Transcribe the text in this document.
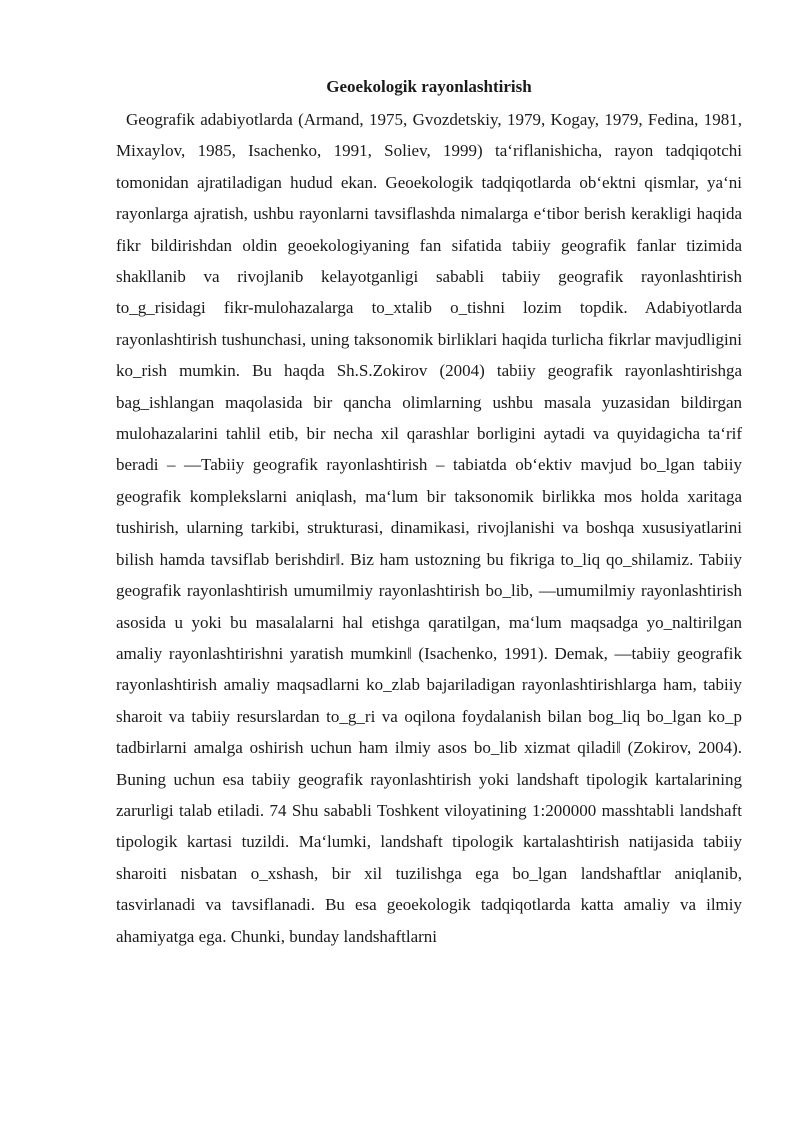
Geoekologik rayonlashtirish

Geografik adabiyotlarda (Armand, 1975, Gvozdetskiy, 1979, Kogay, 1979, Fedina, 1981, Mixaylov, 1985, Isachenko, 1991, Soliev, 1999) ta‘riflanishicha, rayon tadqiqotchi tomonidan ajratiladigan hudud ekan. Geoekologik tadqiqotlarda ob‘ektni qismlar, ya‘ni rayonlarga ajratish, ushbu rayonlarni tavsiflashda nimalarga e‘tibor berish kerakligi haqida fikr bildirishdan oldin geoekologiyaning fan sifatida tabiiy geografik fanlar tizimida shakllanib va rivojlanib kelayotganligi sababli tabiiy geografik rayonlashtirish to_g_risidagi fikr-mulohazalarga to_xtalib o_tishni lozim topdik. Adabiyotlarda rayonlashtirish tushunchasi, uning taksonomik birliklari haqida turlicha fikrlar mavjudligini ko_rish mumkin. Bu haqda Sh.S.Zokirov (2004) tabiiy geografik rayonlashtirishga bag_ishlangan maqolasida bir qancha olimlarning ushbu masala yuzasidan bildirgan mulohazalarini tahlil etib, bir necha xil qarashlar borligini aytadi va quyidagicha ta‘rif beradi – ―Tabiiy geografik rayonlashtirish – tabiatda ob‘ektiv mavjud bo_lgan tabiiy geografik komplekslarni aniqlash, ma‘lum bir taksonomik birlikka mos holda xaritaga tushirish, ularning tarkibi, strukturasi, dinamikasi, rivojlanishi va boshqa xususiyatlarini bilish hamda tavsiflab berishdir‖. Biz ham ustozning bu fikriga to_liq qo_shilamiz. Tabiiy geografik rayonlashtirish umumilmiy rayonlashtirish bo_lib, ―umumilmiy rayonlashtirish asosida u yoki bu masalalarni hal etishga qaratilgan, ma‘lum maqsadga yo_naltirilgan amaliy rayonlashtirishni yaratish mumkin‖ (Isachenko, 1991). Demak, ―tabiiy geografik rayonlashtirish amaliy maqsadlarni ko_zlab bajariladigan rayonlashtirishlarga ham, tabiiy sharoit va tabiiy resurslardan to_g_ri va oqilona foydalanish bilan bog_liq bo_lgan ko_p tadbirlarni amalga oshirish uchun ham ilmiy asos bo_lib xizmat qiladi‖ (Zokirov, 2004). Buning uchun esa tabiiy geografik rayonlashtirish yoki landshaft tipologik kartalarining zarurligi talab etiladi. 74 Shu sababli Toshkent viloyatining 1:200000 masshtabli landshaft tipologik kartasi tuzildi. Ma‘lumki, landshaft tipologik kartalashtirish natijasida tabiiy sharoiti nisbatan o_xshash, bir xil tuzilishga ega bo_lgan landshaftlar aniqlanib, tasvirlanadi va tavsiflanadi. Bu esa geoekologik tadqiqotlarda katta amaliy va ilmiy ahamiyatga ega. Chunki, bunday landshaftlarni
